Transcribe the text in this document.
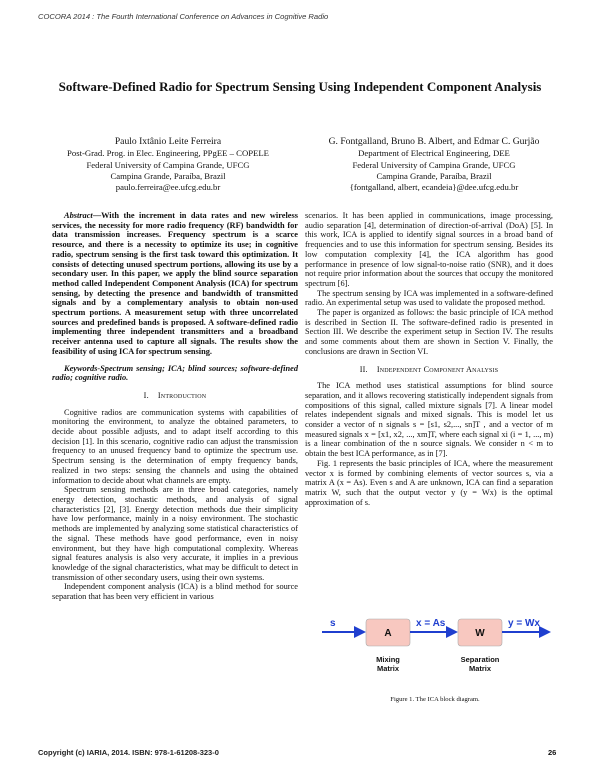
COCORA 2014 : The Fourth International Conference on Advances in Cognitive Radio
Software-Defined Radio for Spectrum Sensing Using Independent Component Analysis
Paulo Ixtânio Leite Ferreira
Post-Grad. Prog. in Elec. Engineering, PPgEE – COPELE
Federal University of Campina Grande, UFCG
Campina Grande, Paraíba, Brazil
paulo.ferreira@ee.ufcg.edu.br
G. Fontgalland, Bruno B. Albert, and Edmar C. Gurjão
Department of Electrical Engineering, DEE
Federal University of Campina Grande, UFCG
Campina Grande, Paraíba, Brazil
{fontgalland, albert, ecandeia}@dee.ufcg.edu.br

Abstract—With the increment in data rates and new wireless services, the necessity for more radio frequency (RF) bandwidth for data transmission increases. Frequency spectrum is a scarce resource, and there is a necessity to optimize its use; in cognitive radio, spectrum sensing is the first task toward this optimization. It consists of detecting unused spectrum portions, allowing its use by a secondary user. In this paper, we apply the blind source separation method called Independent Component Analysis (ICA) for spectrum sensing, by detecting the presence and bandwidth of transmitted signals and by a complementary analysis to obtain non-used spectrum portions. A measurement setup with three uncorrelated sources and predefined bands is proposed. A software-defined radio implementing three independent transmitters and a broadband receiver antenna used to capture all signals. The results show the feasibility of using ICA for spectrum sensing.

Keywords-Spectrum sensing; ICA; blind sources; software-defined radio; cognitive radio.

I. Introduction

Cognitive radios are communication systems with capabilities of monitoring the environment, to analyze the obtained parameters, to decide about possible adjusts, and to adapt itself according to this decision [1]. In this scenario, cognitive radio can adjust the transmission frequency to an unused frequency band to optimize the spectrum use. Spectrum sensing is the determination of empty frequency bands, realized in two steps: sensing the channels and using the obtained information to decide about what channels are empty.

Spectrum sensing methods are in three broad categories, namely energy detection, stochastic methods, and analysis of signal characteristics [2], [3]. Energy detection methods due their simplicity have low performance, mainly in a noisy environment. The stochastic methods are implemented by analyzing some statistical characteristics of the signal. These methods have good performance, even in noisy environment, but they have high computational complexity. Whereas signal features analysis is also very accurate, it implies in a previous knowledge of the signal characteristics, what may be difficult to detect in transmission of other secondary users, using their own systems.

Independent component analysis (ICA) is a blind method for source separation that has been very efficient in various

scenarios. It has been applied in communications, image processing, audio separation [4], determination of direction-of-arrival (DoA) [5]. In this work, ICA is applied to identify signal sources in a broad band of frequencies and to use this information for spectrum sensing. Besides its low computation complexity [4], the ICA algorithm has good performance in presence of low signal-to-noise ratio (SNR), and it does not require prior information about the sources that occupy the monitored spectrum [6].

The spectrum sensing by ICA was implemented in a software-defined radio. An experimental setup was used to validate the proposed method.

The paper is organized as follows: the basic principle of ICA method is described in Section II. The software-defined radio is presented in Section III. We describe the experiment setup in Section IV. The results and some comments about them are shown in Section V. Finally, the conclusions are drawn in Section VI.

II. Independent Component Analysis

The ICA method uses statistical assumptions for blind source separation, and it allows recovering statistically independent signals from compositions of this signal, called mixture signals [7]. A linear model relates independent signals and mixed signals. This is model let us consider a vector of n signals s = [s1, s2,..., sn]T , and a vector of m measured signals x = [x1, x2, ..., xm]T, where each signal xi (i = 1, ..., m) is a linear combination of the n source signals. We consider n < m to obtain the best ICA performance, as in [7].

Fig. 1 represents the basic principles of ICA, where the measurement vector x is formed by combining elements of vector sources s, via a matrix A (x = As). Even s and A are unknown, ICA can find a separation matrix W, such that the output vector y (y = Wx) is the optimal approximation of s.

s	x = As	y = Wx
A	W
Mixing
Matrix
Separation
Matrix
Figure 1. The ICA block diagram.
Copyright (c) IARIA, 2014. ISBN: 978-1-61208-323-0	26
